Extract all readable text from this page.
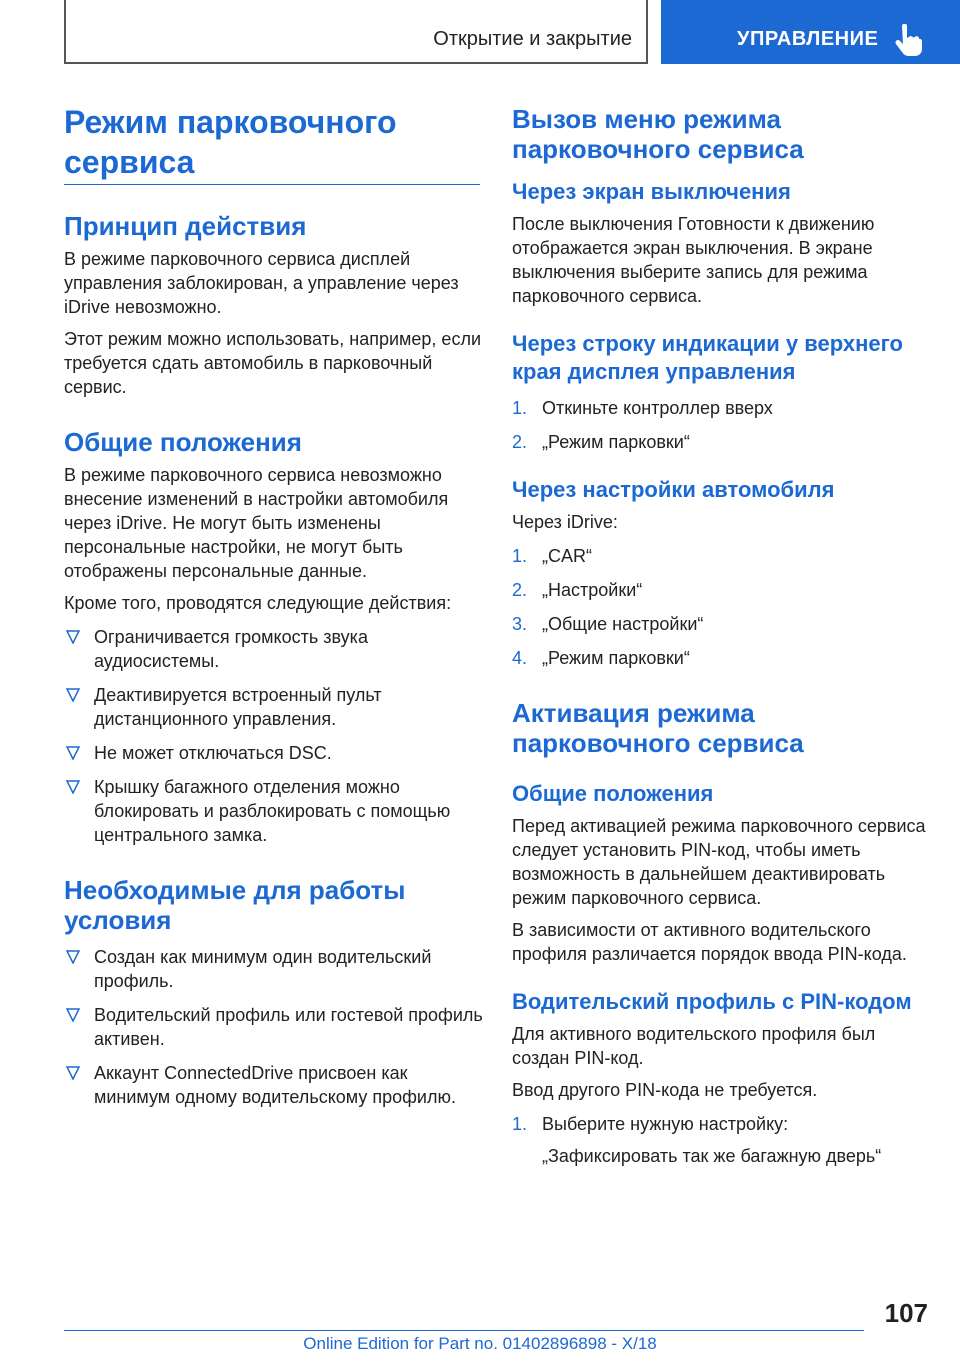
Открытие и закрытие	УПРАВЛЕНИЕ
Режим парковочного сервиса
Принцип действия

В режиме парковочного сервиса дисплей управления заблокирован, а управление через iDrive невозможно.

Этот режим можно использовать, например, если требуется сдать автомобиль в парковочный сервис.

Общие положения

В режиме парковочного сервиса невозможно внесение изменений в настройки автомобиля через iDrive. Не могут быть изменены персональные настройки, не могут быть отображены персональные данные.

Кроме того, проводятся следующие действия:

Ограничивается громкость звука аудиосистемы.
Деактивируется встроенный пульт дистанционного управления.
Не может отключаться DSC.
Крышку багажного отделения можно блокировать и разблокировать с помощью центрального замка.
Необходимые для работы условия
Создан как минимум один водительский профиль.
Водительский профиль или гостевой профиль активен.
Аккаунт ConnectedDrive присвоен как минимум одному водительскому профилю.
Вызов меню режима парковочного сервиса
Через экран выключения

После выключения Готовности к движению отображается экран выключения. В экране выключения выберите запись для режима парковочного сервиса.

Через строку индикации у верхнего края дисплея управления
1. Откиньте контроллер вверх
2. „Режим парковки“
Через настройки автомобиля

Через iDrive:

1. „CAR“
2. „Настройки“
3. „Общие настройки“
4. „Режим парковки“
Активация режима парковочного сервиса
Общие положения

Перед активацией режима парковочного сервиса следует установить PIN-код, чтобы иметь возможность в дальнейшем деактивировать режим парковочного сервиса.

В зависимости от активного водительского профиля различается порядок ввода PIN-кода.

Водительский профиль с PIN-кодом

Для активного водительского профиля был создан PIN-код.

Ввод другого PIN-кода не требуется.

1. Выберите нужную настройку:
„Зафиксировать так же багажную дверь“
107
Online Edition for Part no. 01402896898 - X/18
